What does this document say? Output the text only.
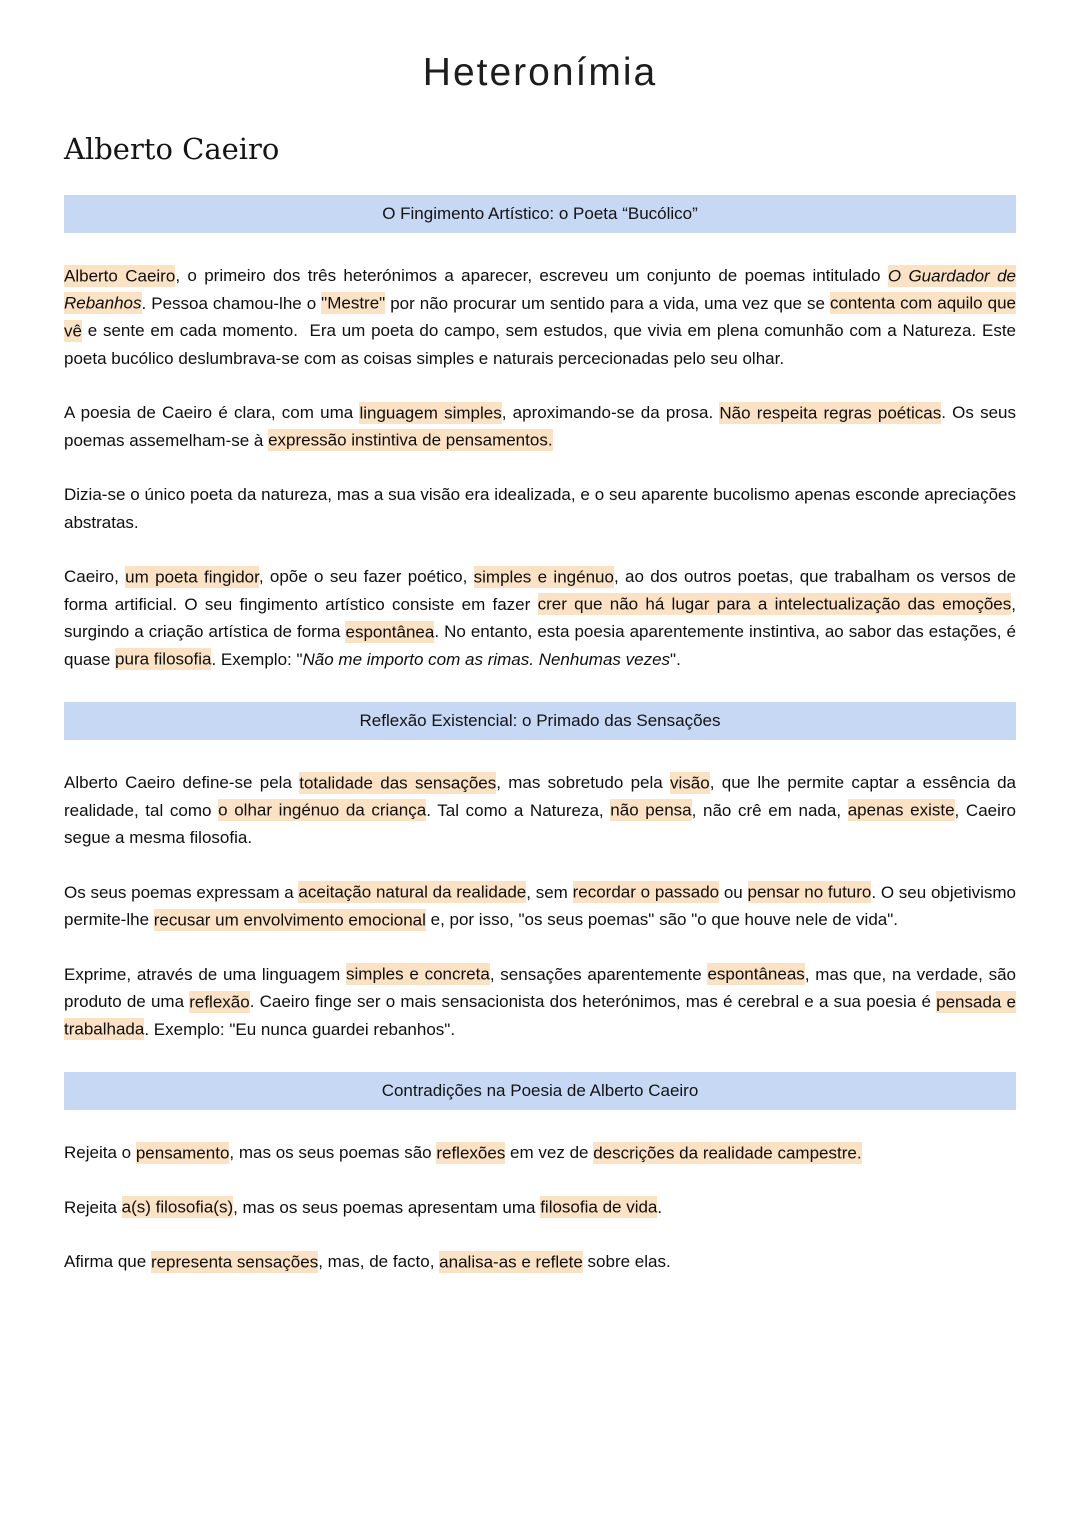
Heteronímia
Alberto Caeiro
O Fingimento Artístico: o Poeta “Bucólico”

Alberto Caeiro, o primeiro dos três heterónimos a aparecer, escreveu um conjunto de poemas intitulado O Guardador de Rebanhos. Pessoa chamou-lhe o "Mestre" por não procurar um sentido para a vida, uma vez que se contenta com aquilo que vê e sente em cada momento.  Era um poeta do campo, sem estudos, que vivia em plena comunhão com a Natureza. Este poeta bucólico deslumbrava-se com as coisas simples e naturais percecionadas pelo seu olhar.

A poesia de Caeiro é clara, com uma linguagem simples, aproximando-se da prosa. Não respeita regras poéticas. Os seus poemas assemelham-se à expressão instintiva de pensamentos.

Dizia-se o único poeta da natureza, mas a sua visão era idealizada, e o seu aparente bucolismo apenas esconde apreciações abstratas.

Caeiro, um poeta fingidor, opõe o seu fazer poético, simples e ingénuo, ao dos outros poetas, que trabalham os versos de forma artificial. O seu fingimento artístico consiste em fazer crer que não há lugar para a intelectualização das emoções, surgindo a criação artística de forma espontânea. No entanto, esta poesia aparentemente instintiva, ao sabor das estações, é quase pura filosofia. Exemplo: "Não me importo com as rimas. Nenhumas vezes".

Reflexão Existencial: o Primado das Sensações

Alberto Caeiro define-se pela totalidade das sensações, mas sobretudo pela visão, que lhe permite captar a essência da realidade, tal como o olhar ingénuo da criança. Tal como a Natureza, não pensa, não crê em nada, apenas existe, Caeiro segue a mesma filosofia.

Os seus poemas expressam a aceitação natural da realidade, sem recordar o passado ou pensar no futuro. O seu objetivismo permite-lhe recusar um envolvimento emocional e, por isso, "os seus poemas" são "o que houve nele de vida".

Exprime, através de uma linguagem simples e concreta, sensações aparentemente espontâneas, mas que, na verdade, são produto de uma reflexão. Caeiro finge ser o mais sensacionista dos heterónimos, mas é cerebral e a sua poesia é pensada e trabalhada. Exemplo: "Eu nunca guardei rebanhos".

Contradições na Poesia de Alberto Caeiro

Rejeita o pensamento, mas os seus poemas são reflexões em vez de descrições da realidade campestre.

Rejeita a(s) filosofia(s), mas os seus poemas apresentam uma filosofia de vida.

Afirma que representa sensações, mas, de facto, analisa-as e reflete sobre elas.
